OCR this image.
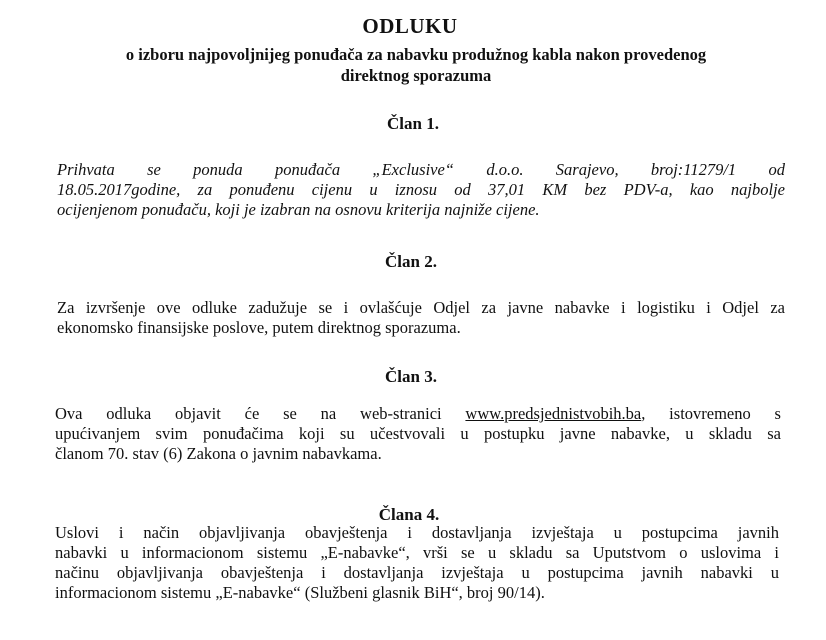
ODLUKU
o izboru najpovoljnijeg ponuđača za nabavku produžnog kabla nakon provedenog
direktnog sporazuma
Član 1.
Prihvata se ponuda ponuđača „Exclusive“ d.o.o. Sarajevo, broj:11279/1 od
18.05.2017godine, za ponuđenu cijenu u iznosu od 37,01 KM bez PDV-a, kao najbolje
ocijenjenom ponuđaču, koji je izabran na osnovu kriterija najniže cijene.
Član 2.
Za izvršenje ove odluke zadužuje se i ovlašćuje Odjel za javne nabavke i logistiku i Odjel za
ekonomsko finansijske poslove, putem direktnog sporazuma.
Član 3.
Ova odluka objavit će se na web-stranici www.predsjednistvobih.ba, istovremeno s
upućivanjem svim ponuđačima koji su učestvovali u postupku javne nabavke, u skladu sa
članom 70. stav (6) Zakona o javnim nabavkama.
Člana 4.
Uslovi i način objavljivanja obavještenja i dostavljanja izvještaja u postupcima javnih
nabavki u informacionom sistemu „E-nabavke“, vrši se u skladu sa Uputstvom o uslovima i
načinu objavljivanja obavještenja i dostavljanja izvještaja u postupcima javnih nabavki u
informacionom sistemu „E-nabavke“ (Službeni glasnik BiH“, broj 90/14).
